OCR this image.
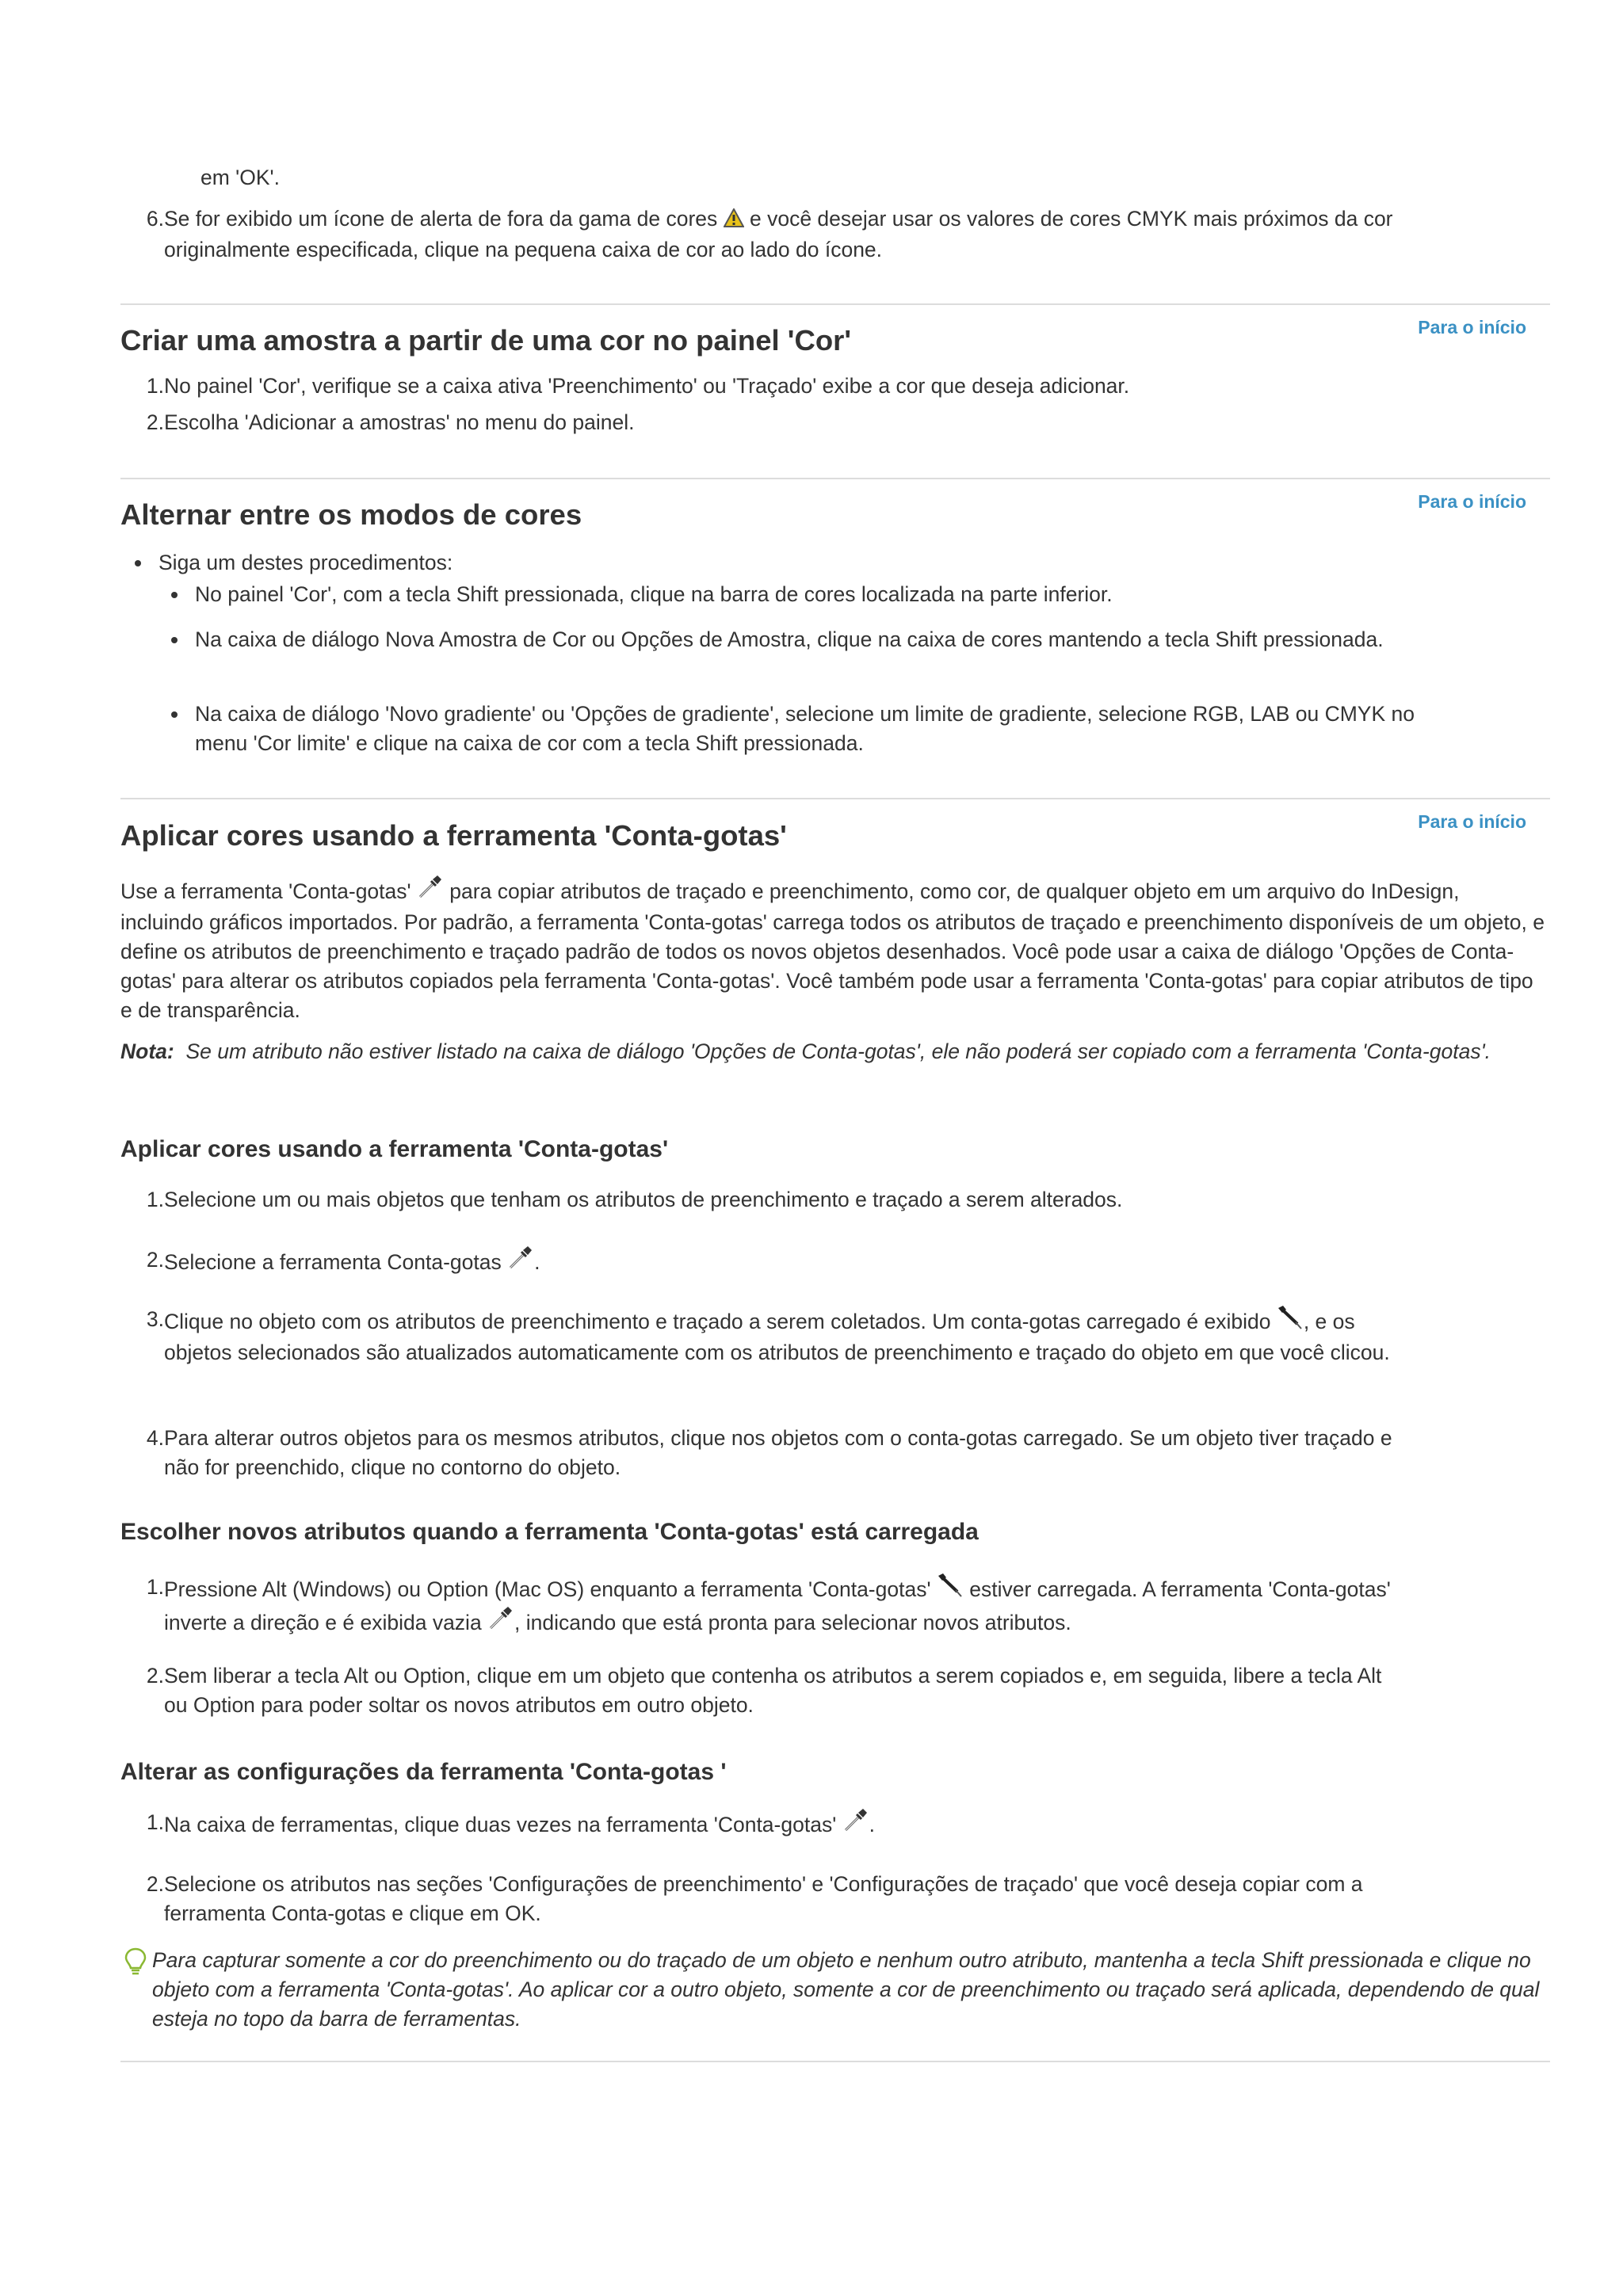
em 'OK'.
6. Se for exibido um ícone de alerta de fora da gama de cores  e você desejar usar os valores de cores CMYK mais próximos da cor originalmente especificada, clique na pequena caixa de cor ao lado do ícone.
Para o início
Criar uma amostra a partir de uma cor no painel 'Cor'
1. No painel 'Cor', verifique se a caixa ativa 'Preenchimento' ou 'Traçado' exibe a cor que deseja adicionar.
2. Escolha 'Adicionar a amostras' no menu do painel.
Para o início
Alternar entre os modos de cores
Siga um destes procedimentos:
No painel 'Cor', com a tecla Shift pressionada, clique na barra de cores localizada na parte inferior.
Na caixa de diálogo Nova Amostra de Cor ou Opções de Amostra, clique na caixa de cores mantendo a tecla Shift pressionada.
Na caixa de diálogo 'Novo gradiente' ou 'Opções de gradiente', selecione um limite de gradiente, selecione RGB, LAB ou CMYK no menu 'Cor limite' e clique na caixa de cor com a tecla Shift pressionada.
Para o início
Aplicar cores usando a ferramenta 'Conta-gotas'
Use a ferramenta 'Conta-gotas'  para copiar atributos de traçado e preenchimento, como cor, de qualquer objeto em um arquivo do InDesign, incluindo gráficos importados. Por padrão, a ferramenta 'Conta-gotas' carrega todos os atributos de traçado e preenchimento disponíveis de um objeto, e define os atributos de preenchimento e traçado padrão de todos os novos objetos desenhados. Você pode usar a caixa de diálogo 'Opções de Conta-gotas' para alterar os atributos copiados pela ferramenta 'Conta-gotas'. Você também pode usar a ferramenta 'Conta-gotas' para copiar atributos de tipo e de transparência.
Nota: Se um atributo não estiver listado na caixa de diálogo 'Opções de Conta-gotas', ele não poderá ser copiado com a ferramenta 'Conta-gotas'.
Aplicar cores usando a ferramenta 'Conta-gotas'
1. Selecione um ou mais objetos que tenham os atributos de preenchimento e traçado a serem alterados.
2. Selecione a ferramenta Conta-gotas .
3. Clique no objeto com os atributos de preenchimento e traçado a serem coletados. Um conta-gotas carregado é exibido , e os objetos selecionados são atualizados automaticamente com os atributos de preenchimento e traçado do objeto em que você clicou.
4. Para alterar outros objetos para os mesmos atributos, clique nos objetos com o conta-gotas carregado. Se um objeto tiver traçado e não for preenchido, clique no contorno do objeto.
Escolher novos atributos quando a ferramenta 'Conta-gotas' está carregada
1. Pressione Alt (Windows) ou Option (Mac OS) enquanto a ferramenta 'Conta-gotas'  estiver carregada. A ferramenta 'Conta-gotas' inverte a direção e é exibida vazia , indicando que está pronta para selecionar novos atributos.
2. Sem liberar a tecla Alt ou Option, clique em um objeto que contenha os atributos a serem copiados e, em seguida, libere a tecla Alt ou Option para poder soltar os novos atributos em outro objeto.
Alterar as configurações da ferramenta 'Conta-gotas '
1. Na caixa de ferramentas, clique duas vezes na ferramenta 'Conta-gotas' .
2. Selecione os atributos nas seções 'Configurações de preenchimento' e 'Configurações de traçado' que você deseja copiar com a ferramenta Conta-gotas e clique em OK.
Para capturar somente a cor do preenchimento ou do traçado de um objeto e nenhum outro atributo, mantenha a tecla Shift pressionada e clique no objeto com a ferramenta 'Conta-gotas'. Ao aplicar cor a outro objeto, somente a cor de preenchimento ou traçado será aplicada, dependendo de qual esteja no topo da barra de ferramentas.
